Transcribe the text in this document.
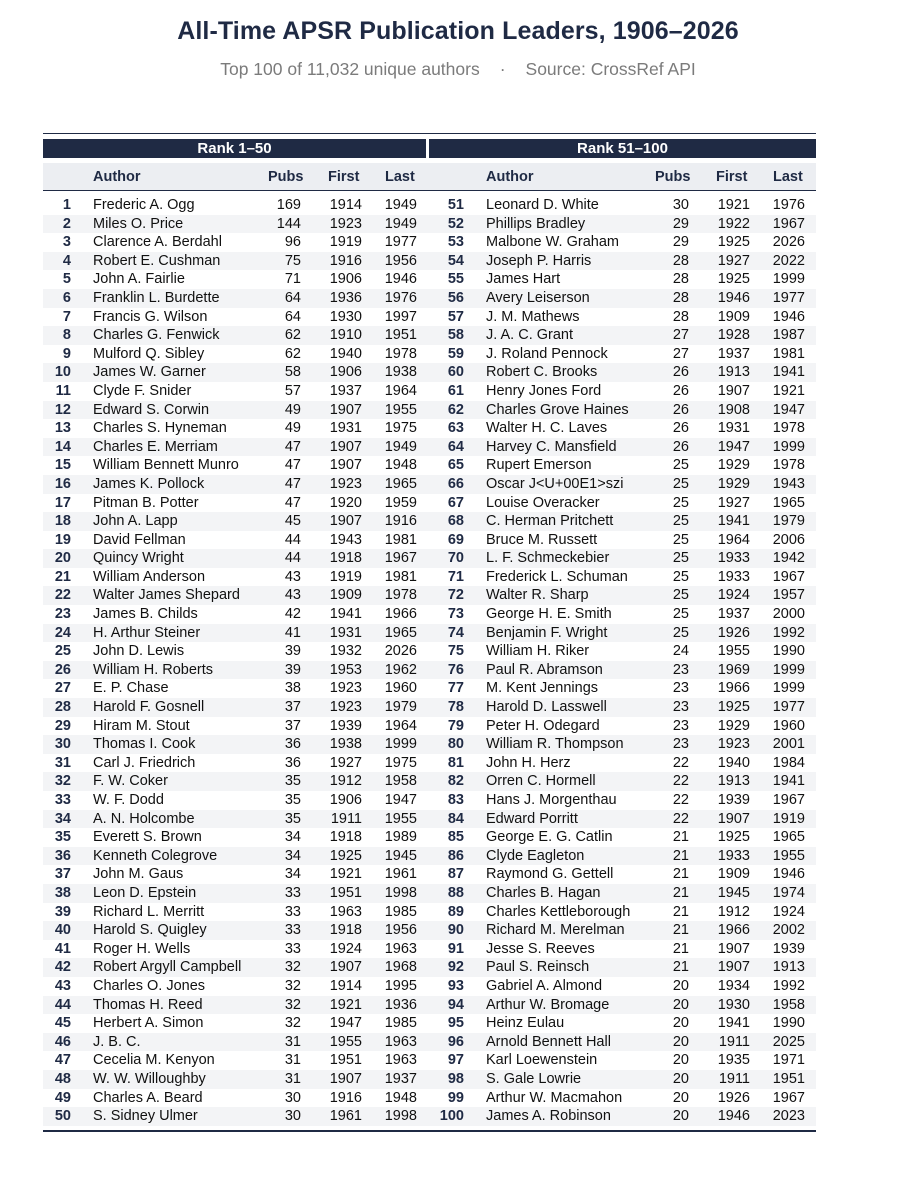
All-Time APSR Publication Leaders, 1906–2026
Top 100 of 11,032 unique authors · Source: CrossRef API
Rank 1–50	Rank 51–100
Author	Pubs First Last	Author	Pubs First Last
1 Frederic A. Ogg	169	1914	1949	51 Leonard D. White	30	1921	1976
2 Miles O. Price	144	1923	1949	52 Phillips Bradley	29	1922	1967
3 Clarence A. Berdahl	96	1919	1977	53 Malbone W. Graham	29	1925	2026
4 Robert E. Cushman	75	1916	1956	54 Joseph P. Harris	28	1927	2022
5 John A. Fairlie	71	1906	1946	55 James Hart	28	1925	1999
6 Franklin L. Burdette	64	1936	1976	56 Avery Leiserson	28	1946	1977
7 Francis G. Wilson	64	1930	1997	57 J. M. Mathews	28	1909	1946
8 Charles G. Fenwick	62	1910	1951	58 J. A. C. Grant	27	1928	1987
9 Mulford Q. Sibley	62	1940	1978	59 J. Roland Pennock	27	1937	1981
10 James W. Garner	58	1906	1938	60 Robert C. Brooks	26	1913	1941
11 Clyde F. Snider	57	1937	1964	61 Henry Jones Ford	26	1907	1921
12 Edward S. Corwin	49	1907	1955	62 Charles Grove Haines	26	1908	1947
13 Charles S. Hyneman	49	1931	1975	63 Walter H. C. Laves	26	1931	1978
14 Charles E. Merriam	47	1907	1949	64 Harvey C. Mansfield	26	1947	1999
15 William Bennett Munro	47	1907	1948	65 Rupert Emerson	25	1929	1978
16 James K. Pollock	47	1923	1965	66 Oscar J<U+00E1>szi	25	1929	1943
17 Pitman B. Potter	47	1920	1959	67 Louise Overacker	25	1927	1965
18 John A. Lapp	45	1907	1916	68 C. Herman Pritchett	25	1941	1979
19 David Fellman	44	1943	1981	69 Bruce M. Russett	25	1964	2006
20 Quincy Wright	44	1918	1967	70 L. F. Schmeckebier	25	1933	1942
21 William Anderson	43	1919	1981	71 Frederick L. Schuman	25	1933	1967
22 Walter James Shepard	43	1909	1978	72 Walter R. Sharp	25	1924	1957
23 James B. Childs	42	1941	1966	73 George H. E. Smith	25	1937	2000
24 H. Arthur Steiner	41	1931	1965	74 Benjamin F. Wright	25	1926	1992
25 John D. Lewis	39	1932	2026	75 William H. Riker	24	1955	1990
26 William H. Roberts	39	1953	1962	76 Paul R. Abramson	23	1969	1999
27 E. P. Chase	38	1923	1960	77 M. Kent Jennings	23	1966	1999
28 Harold F. Gosnell	37	1923	1979	78 Harold D. Lasswell	23	1925	1977
29 Hiram M. Stout	37	1939	1964	79 Peter H. Odegard	23	1929	1960
30 Thomas I. Cook	36	1938	1999	80 William R. Thompson	23	1923	2001
31 Carl J. Friedrich	36	1927	1975	81 John H. Herz	22	1940	1984
32 F. W. Coker	35	1912	1958	82 Orren C. Hormell	22	1913	1941
33 W. F. Dodd	35	1906	1947	83 Hans J. Morgenthau	22	1939	1967
34 A. N. Holcombe	35	1911	1955	84 Edward Porritt	22	1907	1919
35 Everett S. Brown	34	1918	1989	85 George E. G. Catlin	21	1925	1965
36 Kenneth Colegrove	34	1925	1945	86 Clyde Eagleton	21	1933	1955
37 John M. Gaus	34	1921	1961	87 Raymond G. Gettell	21	1909	1946
38 Leon D. Epstein	33	1951	1998	88 Charles B. Hagan	21	1945	1974
39 Richard L. Merritt	33	1963	1985	89 Charles Kettleborough	21	1912	1924
40 Harold S. Quigley	33	1918	1956	90 Richard M. Merelman	21	1966	2002
41 Roger H. Wells	33	1924	1963	91 Jesse S. Reeves	21	1907	1939
42 Robert Argyll Campbell	32	1907	1968	92 Paul S. Reinsch	21	1907	1913
43 Charles O. Jones	32	1914	1995	93 Gabriel A. Almond	20	1934	1992
44 Thomas H. Reed	32	1921	1936	94 Arthur W. Bromage	20	1930	1958
45 Herbert A. Simon	32	1947	1985	95 Heinz Eulau	20	1941	1990
46 J. B. C.	31	1955	1963	96 Arnold Bennett Hall	20	1911	2025
47 Cecelia M. Kenyon	31	1951	1963	97 Karl Loewenstein	20	1935	1971
48 W. W. Willoughby	31	1907	1937	98 S. Gale Lowrie	20	1911	1951
49 Charles A. Beard	30	1916	1948	99 Arthur W. Macmahon	20	1926	1967
50 S. Sidney Ulmer	30	1961	1998	100 James A. Robinson	20	1946	2023
